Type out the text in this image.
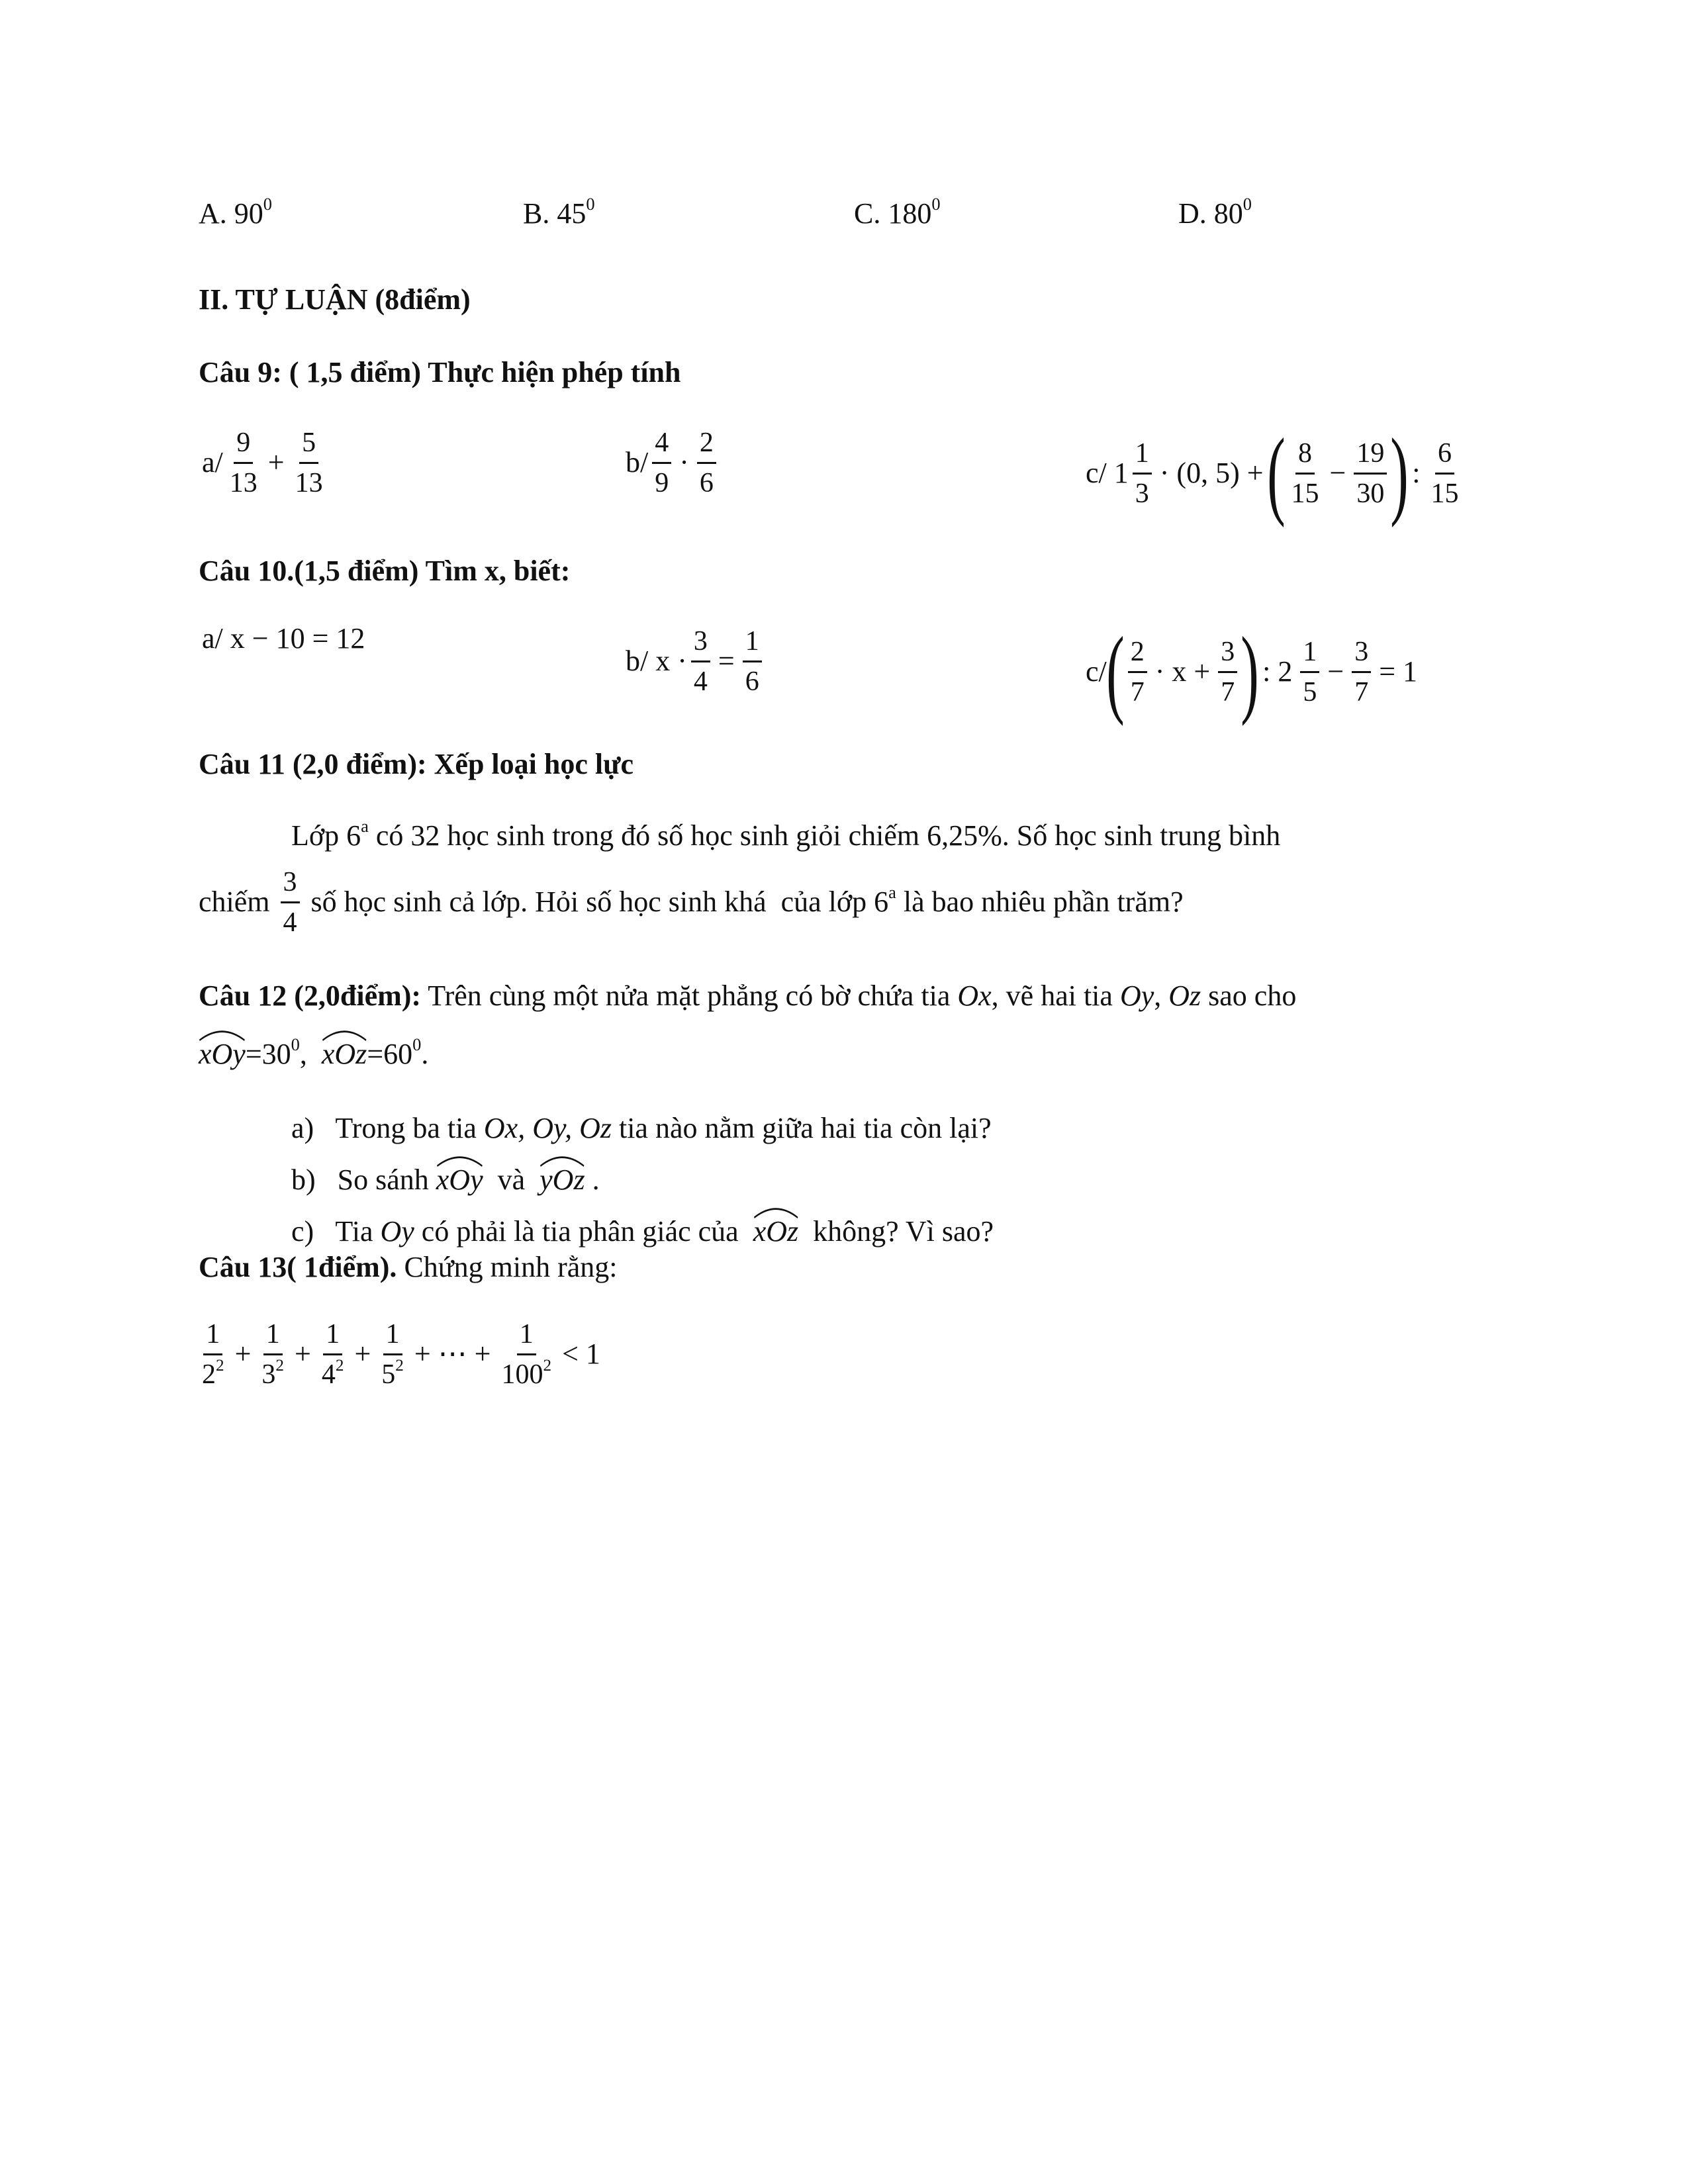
A. $90^0$	B. $45^0$	C. $180^0$	D. $80^0$
II. TỰ LUẬN (8điểm)
Câu 9: ( 1,5 điểm) Thực hiện phép tính
$a/ \frac{9}{13} + \frac{5}{13}$	$b/ \frac{4}{9} \cdot \frac{2}{6}$	c/ $1 \frac{1}{3} \cdot (0$, 5) + ( $\frac{8}{15} - \frac{19}{30}$ ) : $\frac{6}{15}$
Câu 10.(1,5 điểm) Tìm x, biết:
a/ x − 10 = 12
b/ $x \cdot \frac{3}{4} = \frac{1}{6}$	c/ ( $\frac{2}{7} \cdot x + \frac{3}{7}$ ) : $2 \frac{1}{5} - \frac{3}{7} = 1$
Câu 11 (2,0 điểm): Xếp loại học lực
Lớp 6$^a$ có 32 học sinh trong đó số học sinh giỏi chiếm 6,25%. Số học sinh trung bình
chiếm $\frac{3}{4}$ số học sinh cả lớp. Hỏi số học sinh khá  của lớp 6$^a$ là bao nhiêu phần trăm?
Câu 12 (2,0điểm): Trên cùng một nửa mặt phẳng có bờ chứa tia Ox, vẽ hai tia Oy, Oz sao cho
$xOy=30^0$,
$xOz=60^0$.
a)   Trong ba tia Ox, Oy, Oz tia nào nằm giữa hai tia còn lại?
b)   So sánh
xOy  và
yOz .
c)   Tia Oy có phải là tia phân giác của
xOz  không? Vì sao?
Câu 13( 1điểm). Chứng minh rằng:
$\frac{1}{2^2} + \frac{1}{3^2} + \frac{1}{4^2} + \frac{1}{5^2}$ + ⋯ + $\frac{1}{100^2} < 1$
